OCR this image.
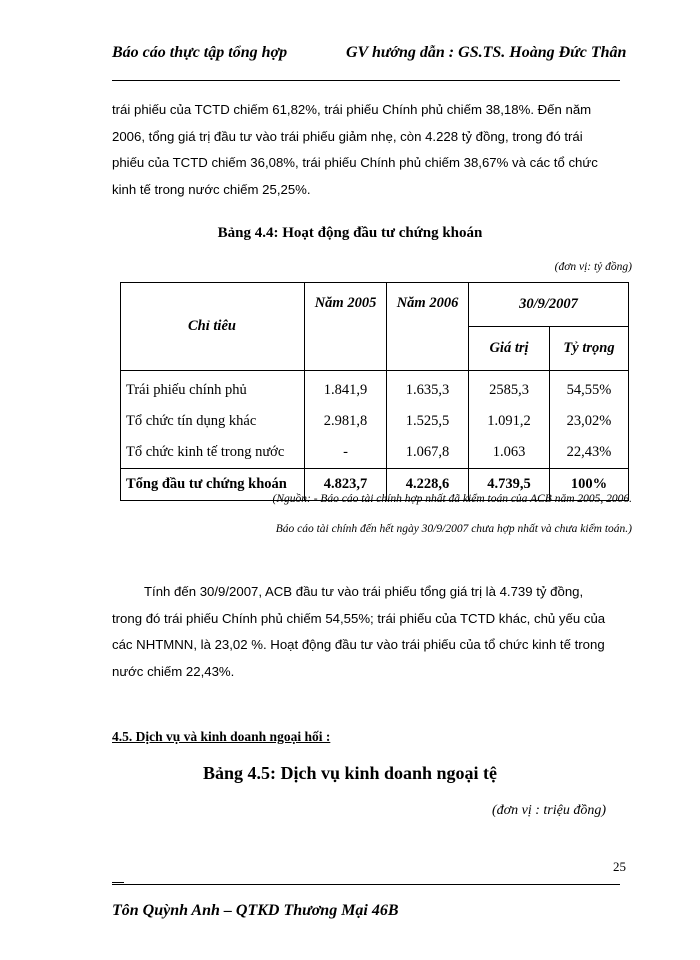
Báo cáo thực tập tổng hợp	GV hướng dẫn : GS.TS. Hoàng Đức Thân
trái phiếu của TCTD chiếm 61,82%, trái phiếu Chính phủ chiếm 38,18%. Đến năm
2006, tổng giá trị đầu tư vào trái phiếu giảm nhẹ, còn 4.228 tỷ đồng, trong đó trái
phiếu của TCTD chiếm 36,08%, trái phiếu Chính phủ chiếm 38,67% và các tổ chức
kinh tế trong nước chiếm 25,25%.
Bảng 4.4: Hoạt động đầu tư chứng khoán
(đơn vị: tỷ đồng)
Chỉ tiêu	Năm 2005	Năm 2006	30/9/2007	
			Giá trị	Tỷ trọng
Trái phiếu chính phủ	1.841,9	1.635,3	2585,3	54,55%
Tổ chức tín dụng khác	2.981,8	1.525,5	1.091,2	23,02%
Tổ chức kinh tế trong nước	-	1.067,8	1.063	22,43%
Tổng đầu tư chứng khoán	4.823,7	4.228,6	4.739,5	100%
(Nguồn: - Báo cáo tài chính hợp nhất đã kiểm toán của ACB năm 2005, 2006.
Báo cáo tài chính đến hết ngày 30/9/2007 chưa hợp nhất và chưa kiểm toán.)
Tính đến 30/9/2007, ACB đầu tư vào trái phiếu tổng giá trị là 4.739 tỷ đồng,
trong đó trái phiếu Chính phủ chiếm 54,55%; trái phiếu của TCTD khác, chủ yếu của
các NHTMNN, là 23,02 %. Hoạt động đầu tư vào trái phiếu của tổ chức kinh tế trong
nước chiếm 22,43%.
4.5. Dịch vụ và kinh doanh ngoại hối :
Bảng 4.5: Dịch vụ kinh doanh ngoại tệ
(đơn vị : triệu đồng)
25
Tôn Quỳnh Anh – QTKD Thương Mại 46B
